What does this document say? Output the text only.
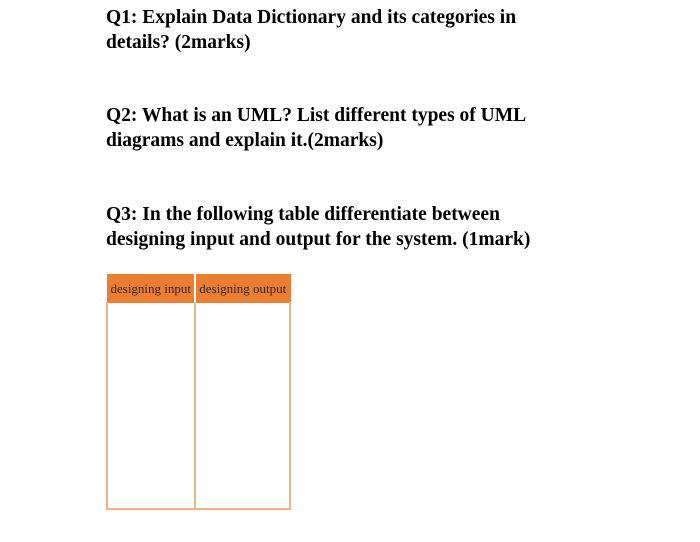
Q1: Explain Data Dictionary and its categories in
details? (2marks)

Q2: What is an UML? List different types of UML
diagrams and explain it.(2marks)

Q3: In the following table differentiate between
designing input and output for the system. (1mark)

designing input	designing output
